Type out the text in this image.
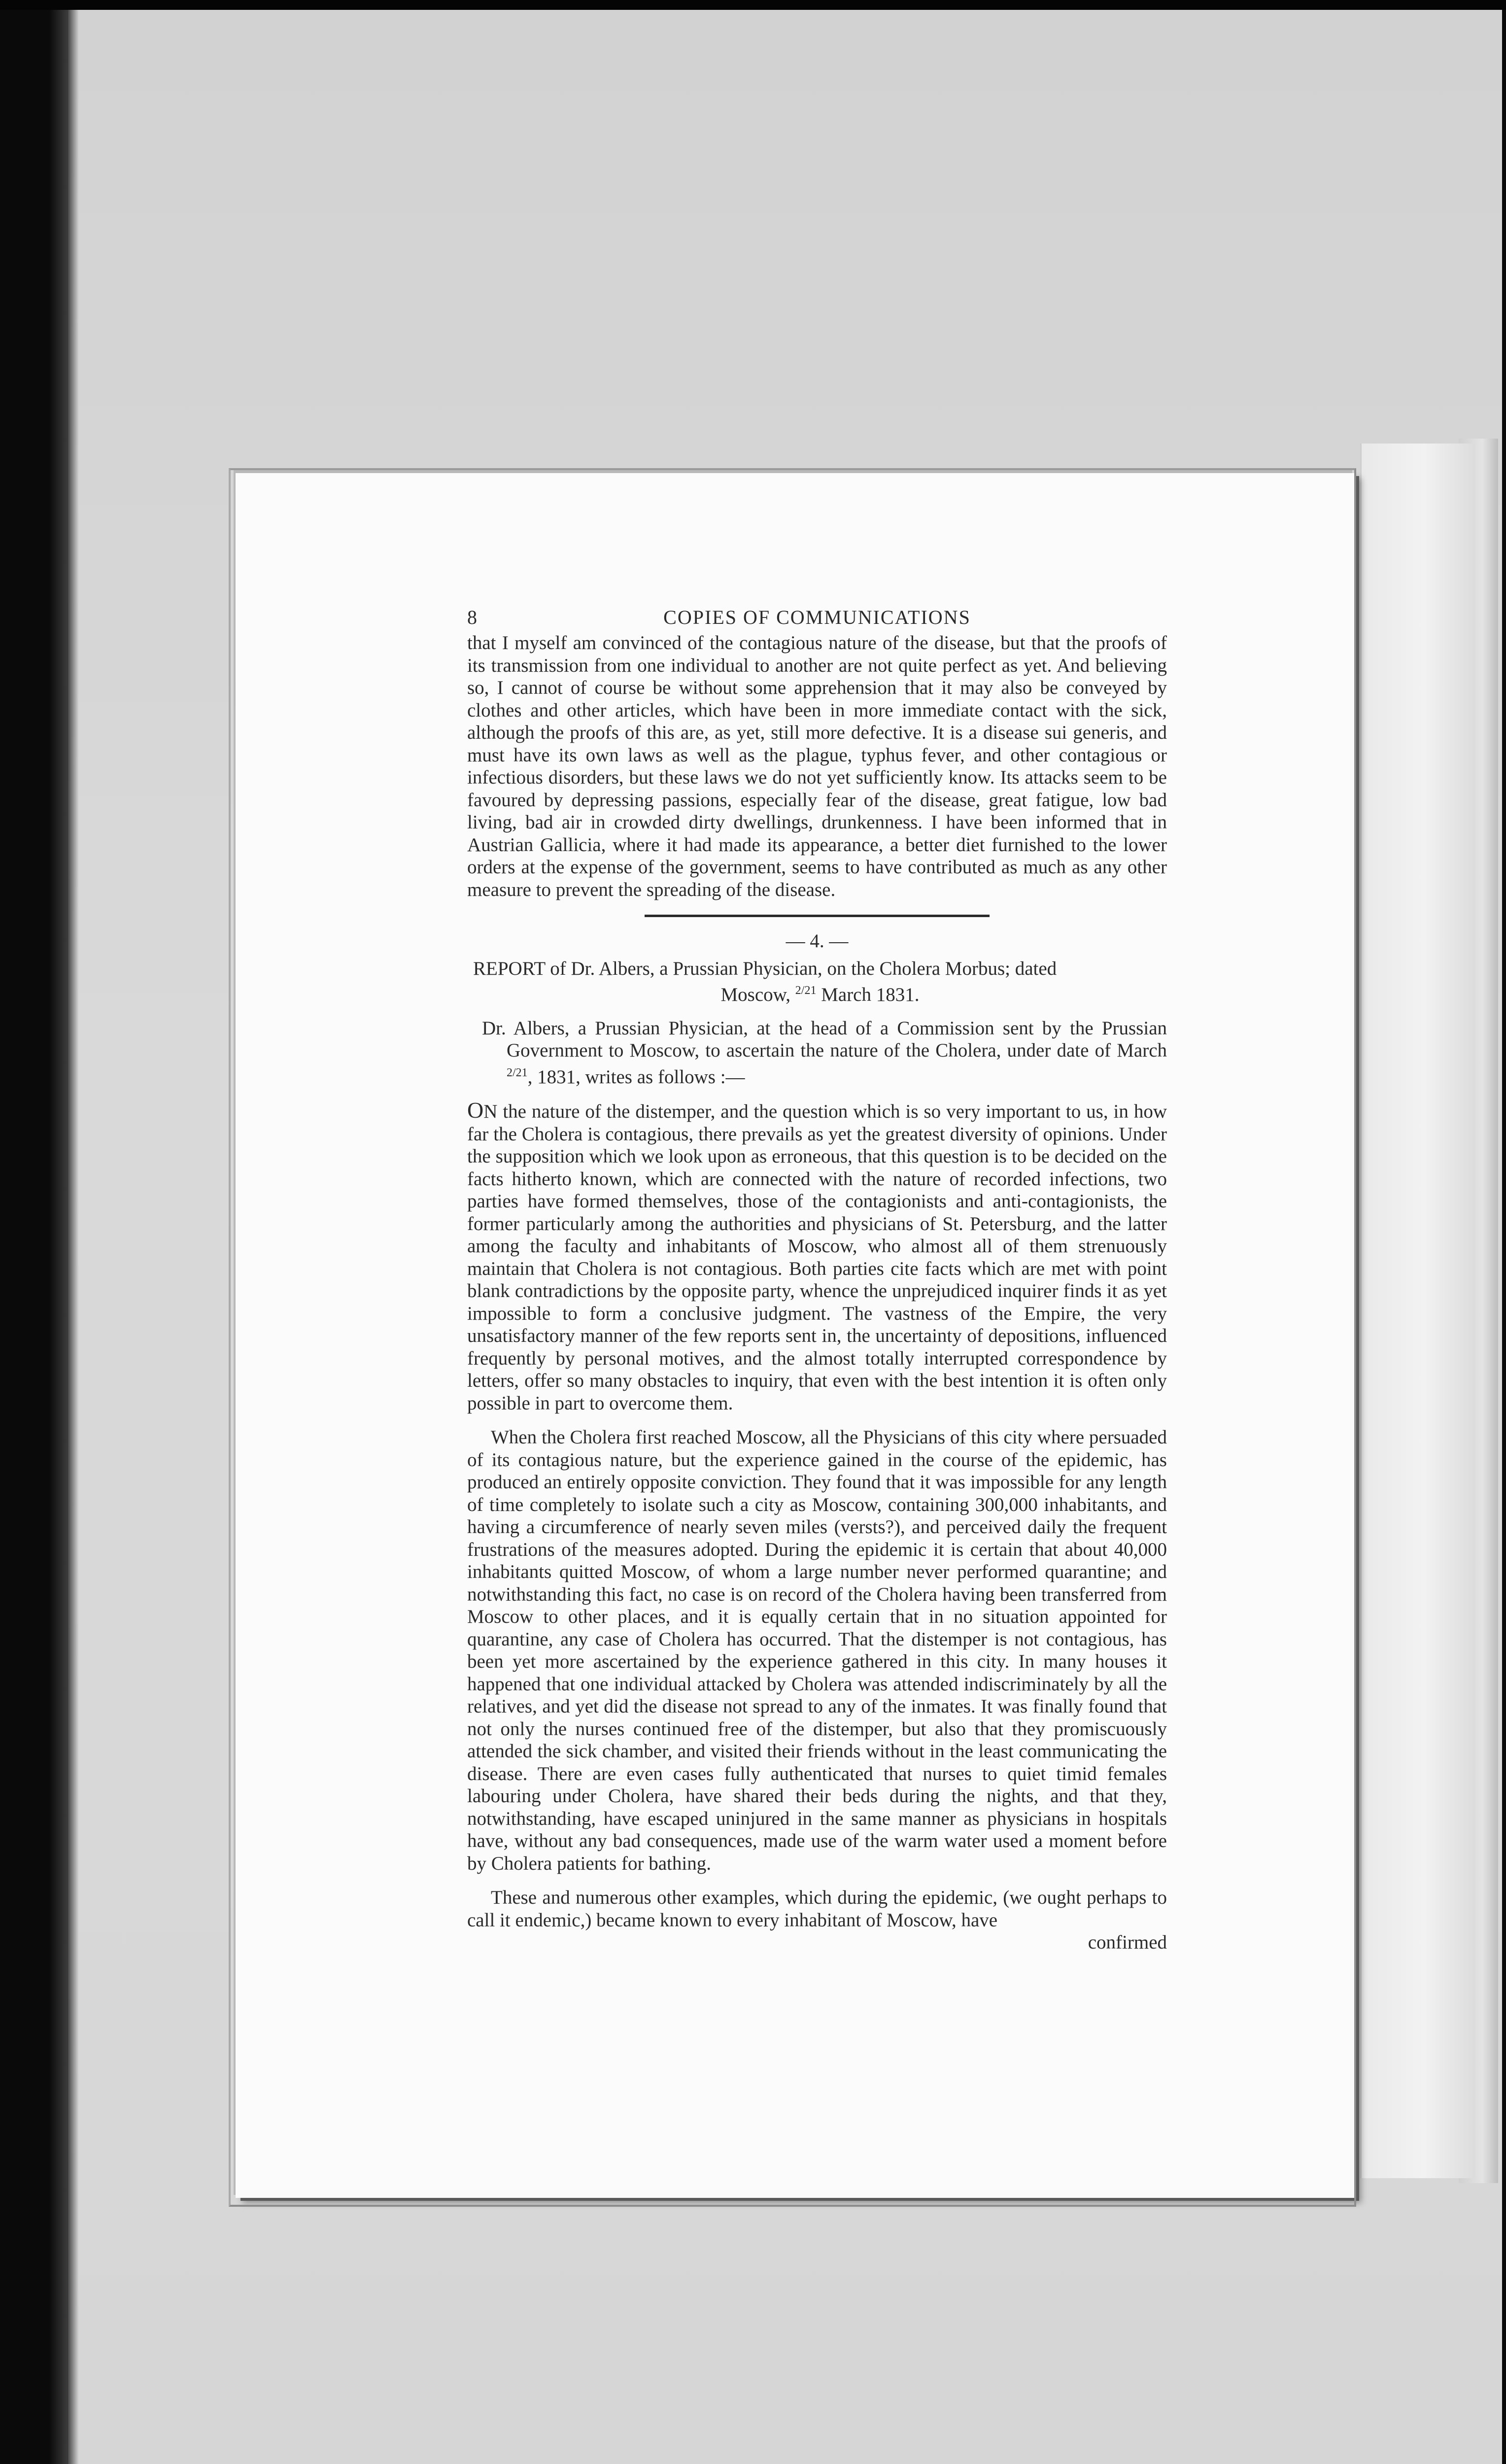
8	COPIES OF COMMUNICATIONS

that I myself am convinced of the contagious nature of the disease, but that the proofs of its transmission from one individual to another are not quite perfect as yet. And believing so, I cannot of course be without some apprehension that it may also be conveyed by clothes and other articles, which have been in more immediate contact with the sick, although the proofs of this are, as yet, still more defective. It is a disease sui generis, and must have its own laws as well as the plague, typhus fever, and other contagious or infectious disorders, but these laws we do not yet sufficiently know. Its attacks seem to be favoured by depressing passions, especially fear of the disease, great fatigue, low bad living, bad air in crowded dirty dwellings, drunkenness. I have been informed that in Austrian Gallicia, where it had made its appearance, a better diet furnished to the lower orders at the expense of the government, seems to have contributed as much as any other measure to prevent the spreading of the disease.

— 4. —

REPORT of Dr. Albers, a Prussian Physician, on the Cholera Morbus; dated
Moscow, $^{2/21}$ March 1831.

Dr. Albers, a Prussian Physician, at the head of a Commission sent by the Prussian Government to Moscow, to ascertain the nature of the Cholera, under date of March $^{2/21}$, 1831, writes as follows :—

ON the nature of the distemper, and the question which is so very important to us, in how far the Cholera is contagious, there prevails as yet the greatest diversity of opinions. Under the supposition which we look upon as erroneous, that this question is to be decided on the facts hitherto known, which are connected with the nature of recorded infections, two parties have formed themselves, those of the contagionists and anti-contagionists, the former particularly among the authorities and physicians of St. Petersburg, and the latter among the faculty and inhabitants of Moscow, who almost all of them strenuously maintain that Cholera is not contagious. Both parties cite facts which are met with point blank contradictions by the opposite party, whence the unprejudiced inquirer finds it as yet impossible to form a conclusive judgment. The vastness of the Empire, the very unsatisfactory manner of the few reports sent in, the uncertainty of depositions, influenced frequently by personal motives, and the almost totally interrupted correspondence by letters, offer so many obstacles to inquiry, that even with the best intention it is often only possible in part to overcome them.

When the Cholera first reached Moscow, all the Physicians of this city where persuaded of its contagious nature, but the experience gained in the course of the epidemic, has produced an entirely opposite conviction. They found that it was impossible for any length of time completely to isolate such a city as Moscow, containing 300,000 inhabitants, and having a circumference of nearly seven miles (versts?), and perceived daily the frequent frustrations of the measures adopted. During the epidemic it is certain that about 40,000 inhabitants quitted Moscow, of whom a large number never performed quarantine; and notwithstanding this fact, no case is on record of the Cholera having been transferred from Moscow to other places, and it is equally certain that in no situation appointed for quarantine, any case of Cholera has occurred. That the distemper is not contagious, has been yet more ascertained by the experience gathered in this city. In many houses it happened that one individual attacked by Cholera was attended indiscriminately by all the relatives, and yet did the disease not spread to any of the inmates. It was finally found that not only the nurses continued free of the distemper, but also that they promiscuously attended the sick chamber, and visited their friends without in the least communicating the disease. There are even cases fully authenticated that nurses to quiet timid females labouring under Cholera, have shared their beds during the nights, and that they, notwithstanding, have escaped uninjured in the same manner as physicians in hospitals have, without any bad consequences, made use of the warm water used a moment before by Cholera patients for bathing.

These and numerous other examples, which during the epidemic, (we ought perhaps to call it endemic,) became known to every inhabitant of Moscow, have

confirmed
